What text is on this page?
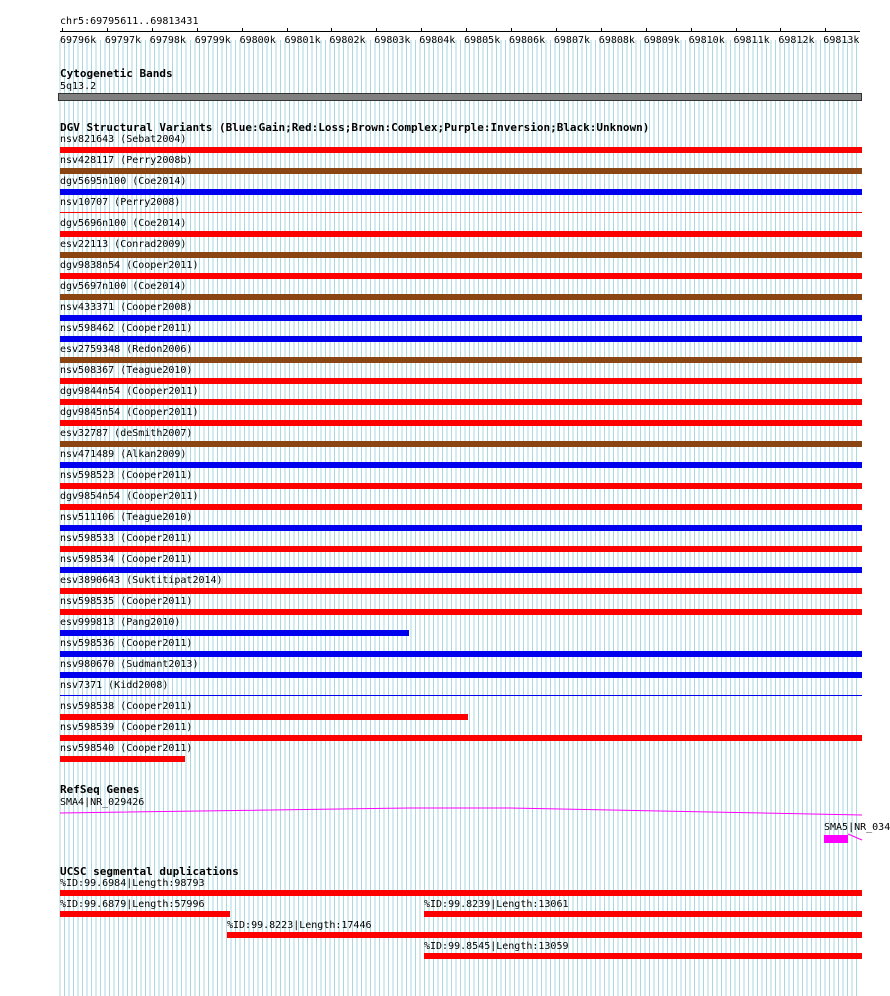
chr5:69795611..69813431
69796k 69797k 69798k 69799k 69800k 69801k 69802k 69803k 69804k 69805k 69806k 69807k 69808k 69809k 69810k 69811k 69812k 69813k
Cytogenetic Bands
5q13.2
DGV Structural Variants (Blue:Gain;Red:Loss;Brown:Complex;Purple:Inversion;Black:Unknown)
nsv821643 (Sebat2004)
nsv428117 (Perry2008b)
dgv5695n100 (Coe2014)
nsv10707 (Perry2008)
dgv5696n100 (Coe2014)
esv22113 (Conrad2009)
dgv9838n54 (Cooper2011)
dgv5697n100 (Coe2014)
nsv433371 (Cooper2008)
nsv598462 (Cooper2011)
esv2759348 (Redon2006)
nsv508367 (Teague2010)
dgv9844n54 (Cooper2011)
dgv9845n54 (Cooper2011)
esv32787 (deSmith2007)
nsv471489 (Alkan2009)
nsv598523 (Cooper2011)
dgv9854n54 (Cooper2011)
nsv511106 (Teague2010)
nsv598533 (Cooper2011)
nsv598534 (Cooper2011)
esv3890643 (Suktitipat2014)
nsv598535 (Cooper2011)
esv999813 (Pang2010)
nsv598536 (Cooper2011)
nsv980670 (Sudmant2013)
nsv7371 (Kidd2008)
nsv598538 (Cooper2011)
nsv598539 (Cooper2011)
nsv598540 (Cooper2011)
RefSeq Genes
SMA4|NR_029426
SMA5|NR_034
UCSC segmental duplications
%ID:99.6984|Length:98793
%ID:99.6879|Length:57996	%ID:99.8239|Length:13061
%ID:99.8223|Length:17446
%ID:99.8545|Length:13059
